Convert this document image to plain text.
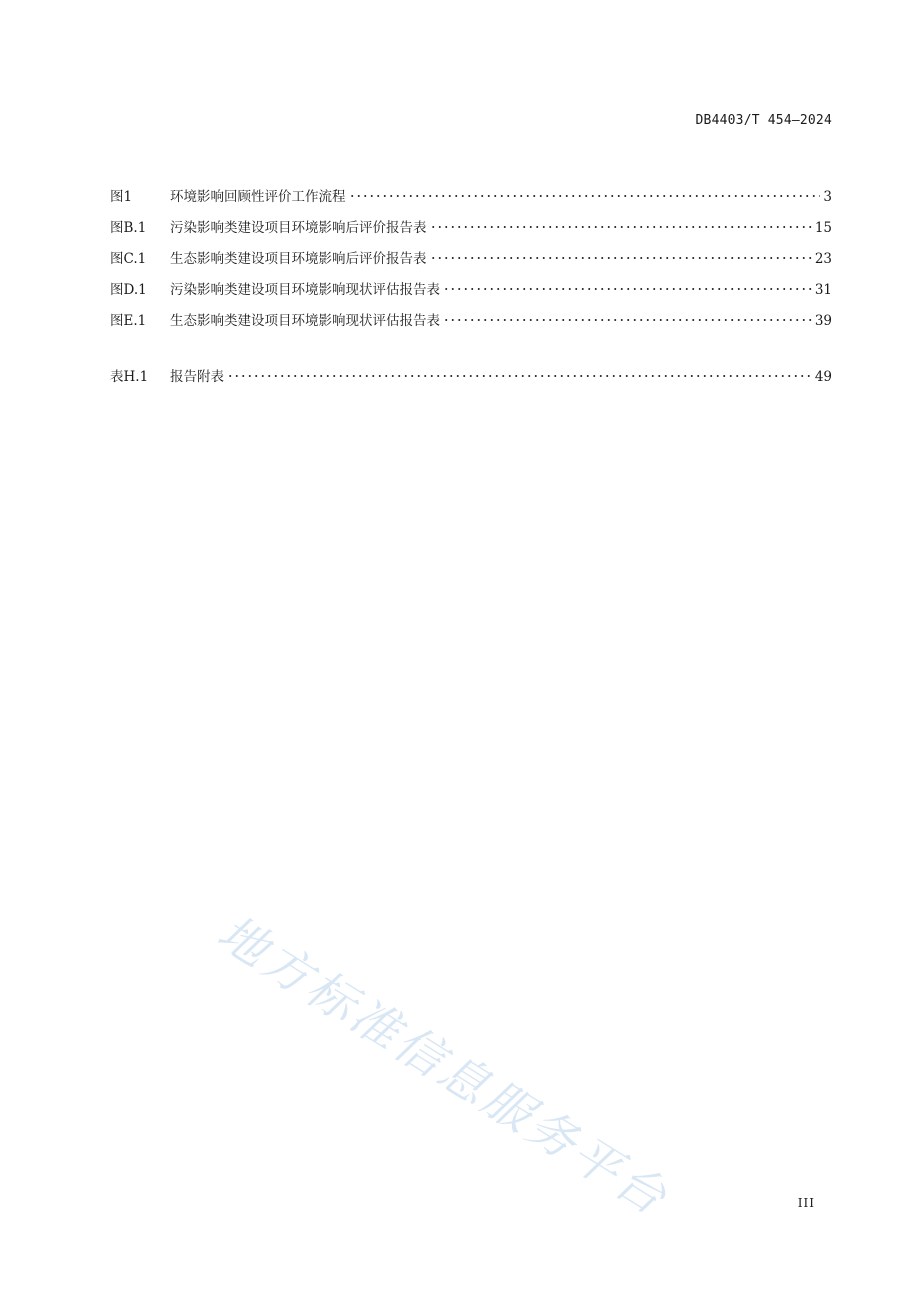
DB4403/T 454—2024
图1	环境影响回顾性评价工作流程	3
图B.1	污染影响类建设项目环境影响后评价报告表	15
图C.1	生态影响类建设项目环境影响后评价报告表	23
图D.1	污染影响类建设项目环境影响现状评估报告表	31
图E.1	生态影响类建设项目环境影响现状评估报告表	39
表H.1	报告附表	49
地方标准信息服务平台	III
